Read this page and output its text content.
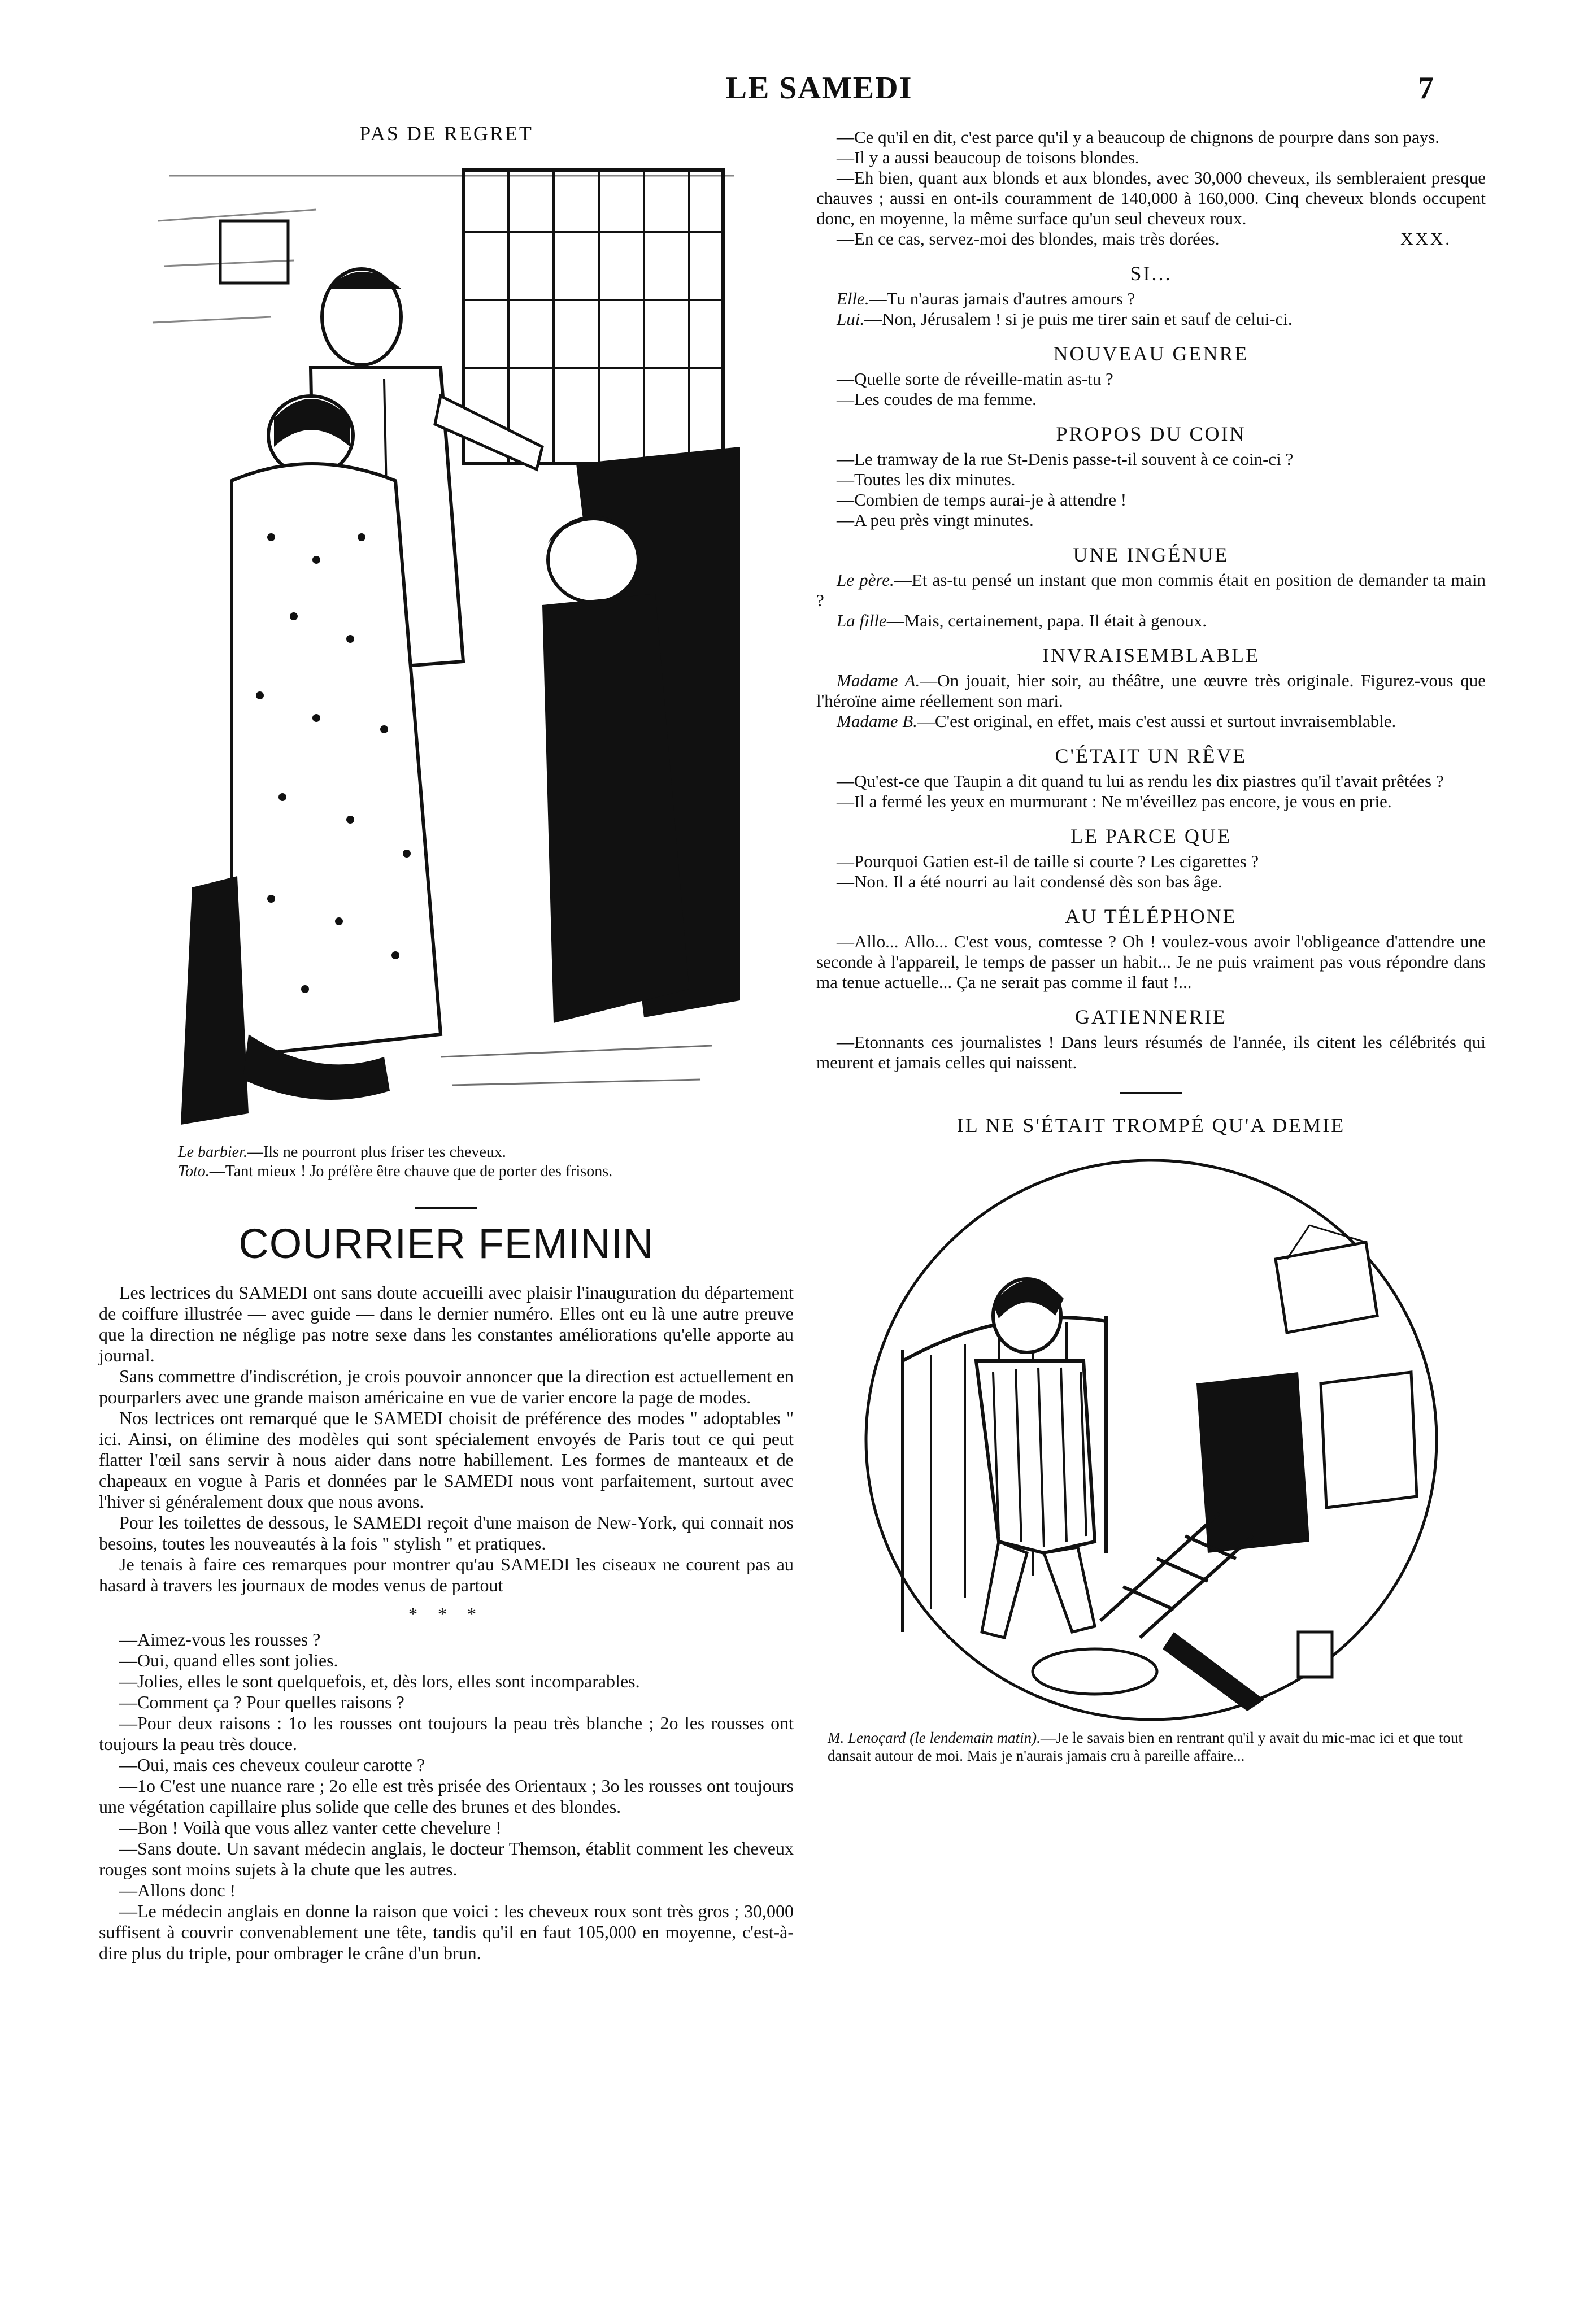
LE SAMEDI	7
PAS DE REGRET
Le barbier.—Ils ne pourront plus friser tes cheveux.
Toto.—Tant mieux ! Jo préfère être chauve que de porter des frisons.
COURRIER FEMININ

Les lectrices du SAMEDI ont sans doute accueilli avec plaisir l'inauguration du département de coiffure illustrée — avec guide — dans le dernier numéro. Elles ont eu là une autre preuve que la direction ne néglige pas notre sexe dans les constantes améliorations qu'elle apporte au journal.

Sans commettre d'indiscrétion, je crois pouvoir annoncer que la direction est actuellement en pourparlers avec une grande maison américaine en vue de varier encore la page de modes.

Nos lectrices ont remarqué que le SAMEDI choisit de préférence des modes " adoptables " ici. Ainsi, on élimine des modèles qui sont spécialement envoyés de Paris tout ce qui peut flatter l'œil sans servir à nous aider dans notre habillement. Les formes de manteaux et de chapeaux en vogue à Paris et données par le SAMEDI nous vont parfaitement, surtout avec l'hiver si généralement doux que nous avons.

Pour les toilettes de dessous, le SAMEDI reçoit d'une maison de New-York, qui connait nos besoins, toutes les nouveautés à la fois " stylish " et pratiques.

Je tenais à faire ces remarques pour montrer qu'au SAMEDI les ciseaux ne courent pas au hasard à travers les journaux de modes venus de partout

* * *

—Aimez-vous les rousses ?

—Oui, quand elles sont jolies.

—Jolies, elles le sont quelquefois, et, dès lors, elles sont incomparables.

—Comment ça ? Pour quelles raisons ?

—Pour deux raisons : 1o les rousses ont toujours la peau très blanche ; 2o les rousses ont toujours la peau très douce.

—Oui, mais ces cheveux couleur carotte ?

—1o C'est une nuance rare ; 2o elle est très prisée des Orientaux ; 3o les rousses ont toujours une végétation capillaire plus solide que celle des brunes et des blondes.

—Bon ! Voilà que vous allez vanter cette chevelure !

—Sans doute. Un savant médecin anglais, le docteur Themson, établit comment les cheveux rouges sont moins sujets à la chute que les autres.

—Allons donc !

—Le médecin anglais en donne la raison que voici : les cheveux roux sont très gros ; 30,000 suffisent à couvrir convenablement une tête, tandis qu'il en faut 105,000 en moyenne, c'est-à-dire plus du triple, pour ombrager le crâne d'un brun.

—Ce qu'il en dit, c'est parce qu'il y a beaucoup de chignons de pourpre dans son pays.

—Il y a aussi beaucoup de toisons blondes.

—Eh bien, quant aux blonds et aux blondes, avec 30,000 cheveux, ils sembleraient presque chauves ; aussi en ont-ils couramment de 140,000 à 160,000. Cinq cheveux blonds occupent donc, en moyenne, la même surface qu'un seul cheveux roux.

—En ce cas, servez-moi des blondes, mais très dorées.	XXX.

SI...

Elle.—Tu n'auras jamais d'autres amours ?

Lui.—Non, Jérusalem ! si je puis me tirer sain et sauf de celui-ci.

NOUVEAU GENRE

—Quelle sorte de réveille-matin as-tu ?

—Les coudes de ma femme.

PROPOS DU COIN

—Le tramway de la rue St-Denis passe-t-il souvent à ce coin-ci ?

—Toutes les dix minutes.

—Combien de temps aurai-je à attendre !

—A peu près vingt minutes.

UNE INGÉNUE

Le père.—Et as-tu pensé un instant que mon commis était en position de demander ta main ?

La fille—Mais, certainement, papa. Il était à genoux.

INVRAISEMBLABLE

Madame A.—On jouait, hier soir, au théâtre, une œuvre très originale. Figurez-vous que l'héroïne aime réellement son mari.

Madame B.—C'est original, en effet, mais c'est aussi et surtout invraisemblable.

C'ÉTAIT UN RÊVE

—Qu'est-ce que Taupin a dit quand tu lui as rendu les dix piastres qu'il t'avait prêtées ?

—Il a fermé les yeux en murmurant : Ne m'éveillez pas encore, je vous en prie.

LE PARCE QUE

—Pourquoi Gatien est-il de taille si courte ? Les cigarettes ?

—Non. Il a été nourri au lait condensé dès son bas âge.

AU TÉLÉPHONE

—Allo... Allo... C'est vous, comtesse ? Oh ! voulez-vous avoir l'obligeance d'attendre une seconde à l'appareil, le temps de passer un habit... Je ne puis vraiment pas vous répondre dans ma tenue actuelle... Ça ne serait pas comme il faut !...

GATIENNERIE

—Etonnants ces journalistes ! Dans leurs résumés de l'année, ils citent les célébrités qui meurent et jamais celles qui naissent.

IL NE S'ÉTAIT TROMPÉ QU'A DEMIE
M. Lenoçard (le lendemain matin).—Je le savais bien en rentrant qu'il y avait du mic-mac ici et que tout dansait autour de moi. Mais je n'aurais jamais cru à pareille affaire...
